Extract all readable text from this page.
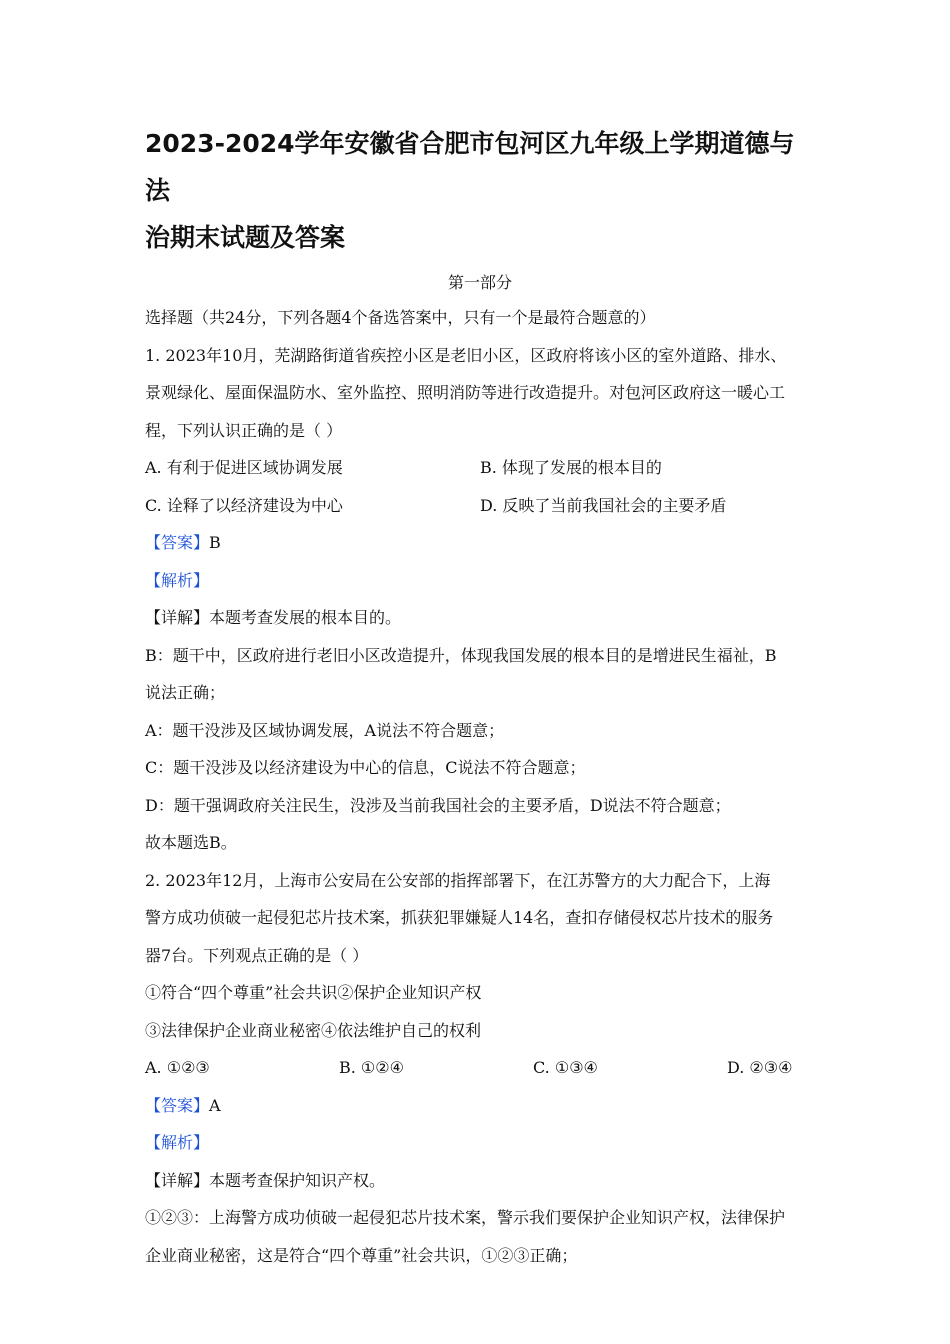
2023-2024学年安徽省合肥市包河区九年级上学期道德与法
治期末试题及答案
第一部分
选择题（共24分，下列各题4个备选答案中，只有一个是最符合题意的）
1. 2023年10月，芜湖路街道省疾控小区是老旧小区，区政府将该小区的室外道路、排水、
景观绿化、屋面保温防水、室外监控、照明消防等进行改造提升。对包河区政府这一暖心工
程，下列认识正确的是（ ）
A. 有利于促进区域协调发展	B. 体现了发展的根本目的
C. 诠释了以经济建设为中心	D. 反映了当前我国社会的主要矛盾
【答案】B
【解析】
【详解】本题考查发展的根本目的。
B：题干中，区政府进行老旧小区改造提升，体现我国发展的根本目的是增进民生福祉，B
说法正确；
A：题干没涉及区域协调发展，A说法不符合题意；
C：题干没涉及以经济建设为中心的信息，C说法不符合题意；
D：题干强调政府关注民生，没涉及当前我国社会的主要矛盾，D说法不符合题意；
故本题选B。
2. 2023年12月，上海市公安局在公安部的指挥部署下，在江苏警方的大力配合下，上海
警方成功侦破一起侵犯芯片技术案，抓获犯罪嫌疑人14名，查扣存储侵权芯片技术的服务
器7台。下列观点正确的是（ ）
①符合“四个尊重”社会共识②保护企业知识产权
③法律保护企业商业秘密④依法维护自己的权利
A. ①②③	B. ①②④	C. ①③④	D. ②③④
【答案】A
【解析】
【详解】本题考查保护知识产权。
①②③：上海警方成功侦破一起侵犯芯片技术案，警示我们要保护企业知识产权，法律保护
企业商业秘密，这是符合“四个尊重”社会共识，①②③正确；
